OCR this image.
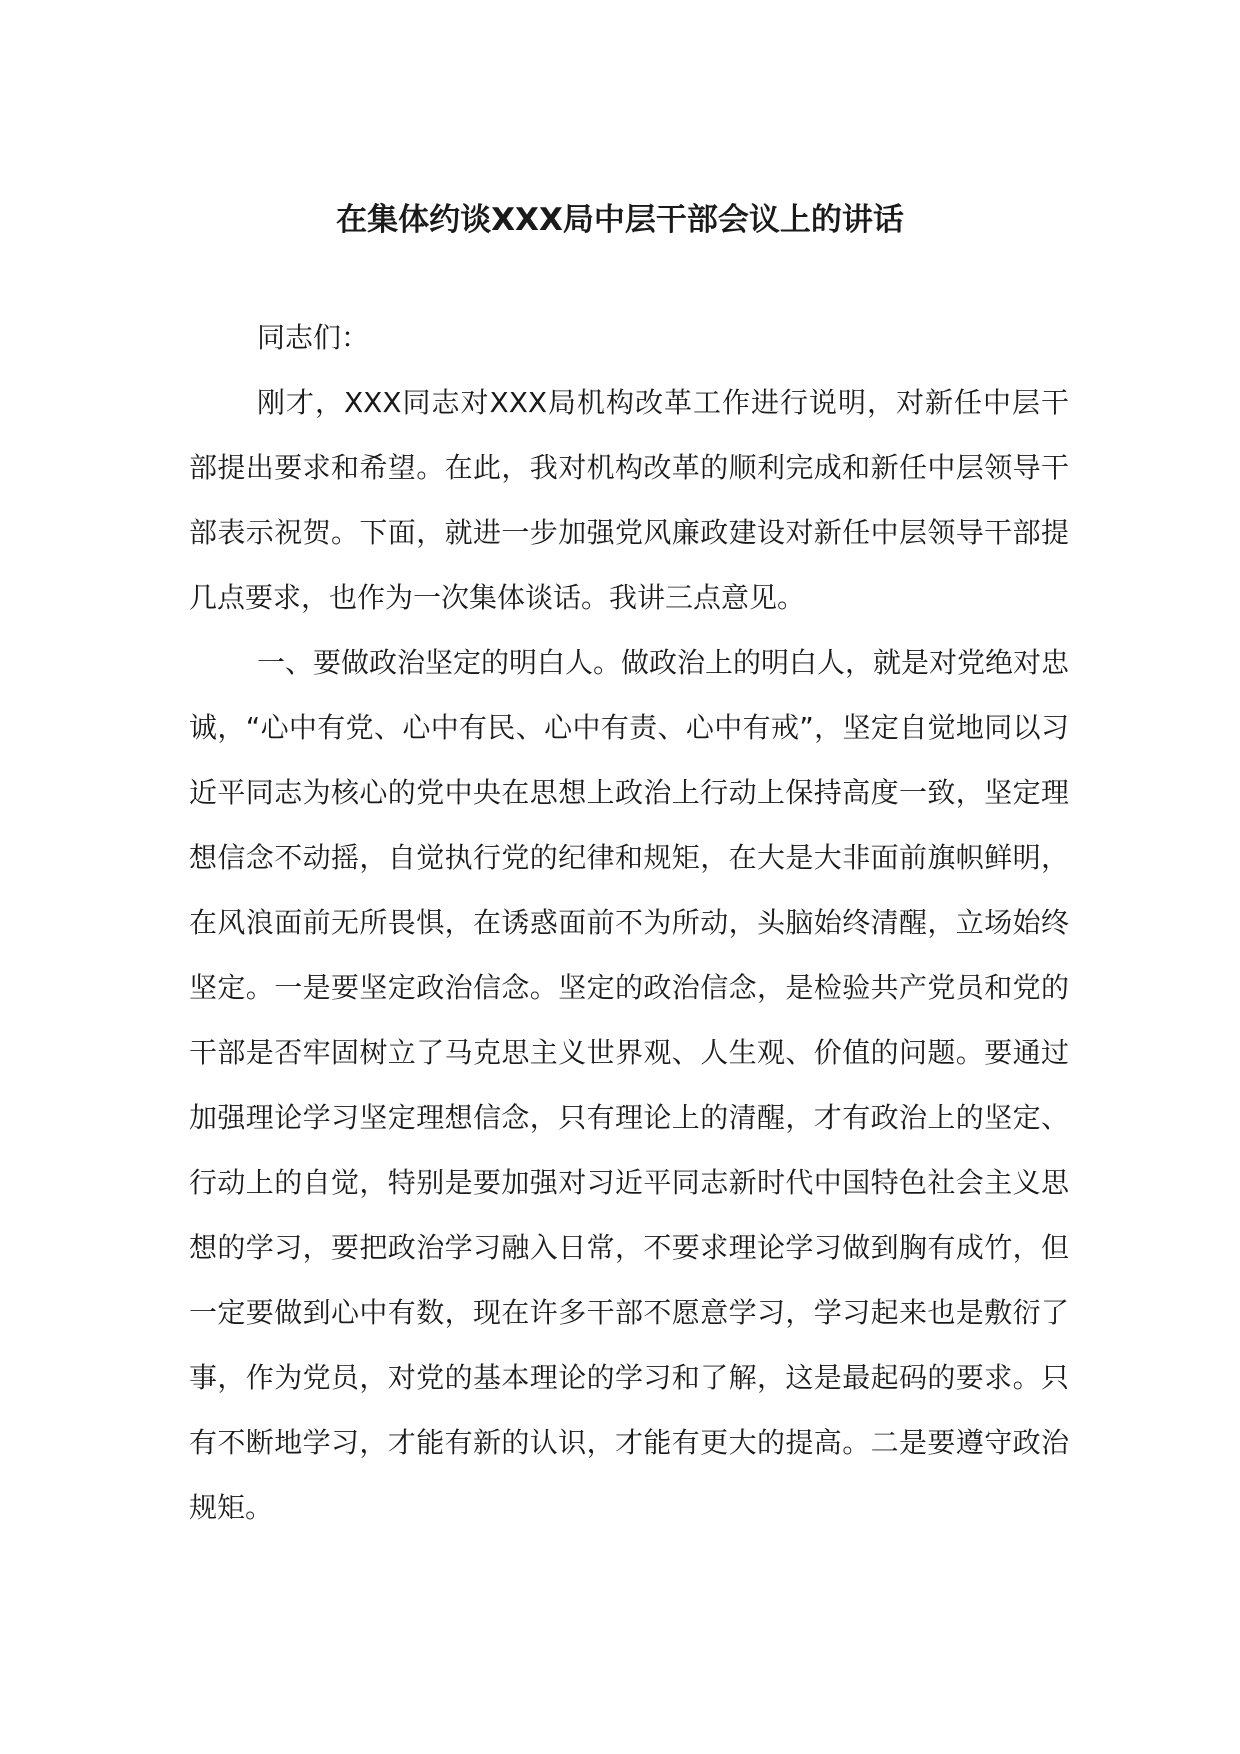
在集体约谈XXX局中层干部会议上的讲话

同志们：

刚才，XXX同志对XXX局机构改革工作进行说明，对新任中层干部提出要求和希望。在此，我对机构改革的顺利完成和新任中层领导干部表示祝贺。下面，就进一步加强党风廉政建设对新任中层领导干部提几点要求，也作为一次集体谈话。我讲三点意见。

一、要做政治坚定的明白人。做政治上的明白人，就是对党绝对忠诚，“心中有党、心中有民、心中有责、心中有戒”，坚定自觉地同以习近平同志为核心的党中央在思想上政治上行动上保持高度一致，坚定理想信念不动摇，自觉执行党的纪律和规矩，在大是大非面前旗帜鲜明，在风浪面前无所畏惧，在诱惑面前不为所动，头脑始终清醒，立场始终坚定。一是要坚定政治信念。坚定的政治信念，是检验共产党员和党的干部是否牢固树立了马克思主义世界观、人生观、价值的问题。要通过加强理论学习坚定理想信念，只有理论上的清醒，才有政治上的坚定、行动上的自觉，特别是要加强对习近平同志新时代中国特色社会主义思想的学习，要把政治学习融入日常，不要求理论学习做到胸有成竹，但一定要做到心中有数，现在许多干部不愿意学习，学习起来也是敷衍了事，作为党员，对党的基本理论的学习和了解，这是最起码的要求。只有不断地学习，才能有新的认识，才能有更大的提高。二是要遵守政治规矩。
